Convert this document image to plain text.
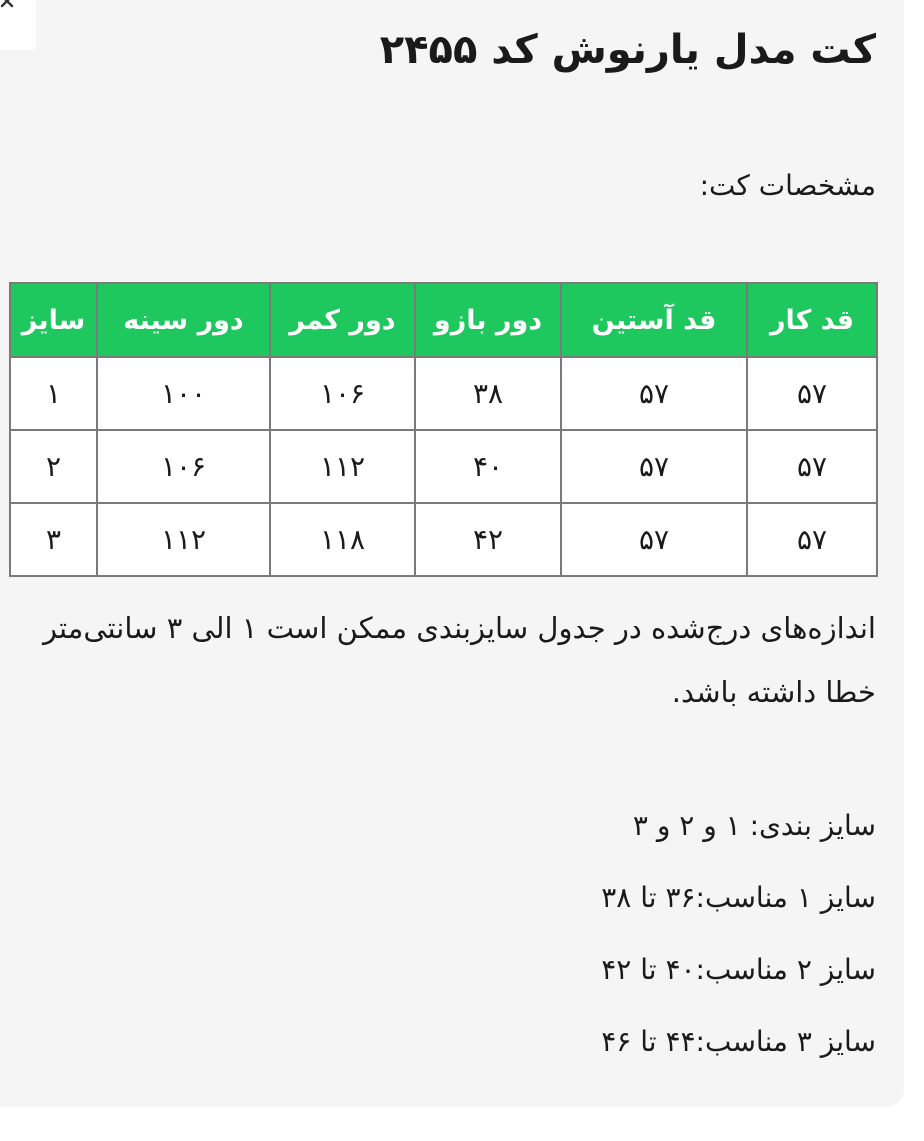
کت مدل یارنوش کد ۲۴۵۵
مشخصات کت:
قد کار	قد آستین	دور بازو	دور کمر	دور سینه	سایز
۵۷	۵۷	۳۸	۱۰۶	۱۰۰	۱
۵۷	۵۷	۴۰	۱۱۲	۱۰۶	۲
۵۷	۵۷	۴۲	۱۱۸	۱۱۲	۳

اندازه‌های درج‌شده در جدول سایزبندی ممکن است ۱ الی ۳ سانتی‌متر خطا داشته باشد.

سایز بندی: ۱ و ۲ و ۳
سایز ۱ مناسب:۳۶ تا ۳۸
سایز ۲ مناسب:۴۰ تا ۴۲
سایز ۳ مناسب:۴۴ تا ۴۶
